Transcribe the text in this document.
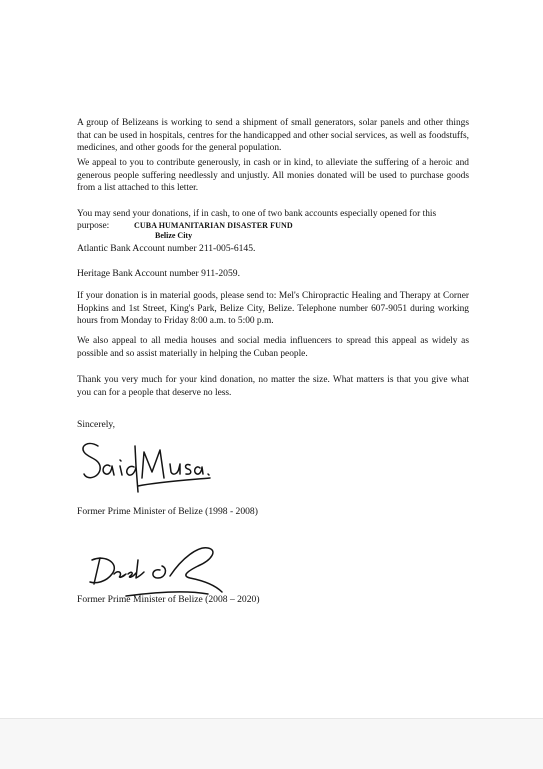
A group of Belizeans is working to send a shipment of small generators, solar panels and other things that can be used in hospitals, centres for the handicapped and other social services, as well as foodstuffs, medicines, and other goods for the general population.

We appeal to you to contribute generously, in cash or in kind, to alleviate the suffering of a heroic and generous people suffering needlessly and unjustly. All monies donated will be used to purchase goods from a list attached to this letter.

You may send your donations, if in cash, to one of two bank accounts especially opened for this

purpose:	CUBA HUMANITARIAN DISASTER FUND
Belize City
Atlantic Bank Account number 211-005-6145.
Heritage Bank Account number 911-2059.

If your donation is in material goods, please send to: Mel's Chiropractic Healing and Therapy at Corner Hopkins and 1st Street, King's Park, Belize City, Belize. Telephone number 607-9051 during working hours from Monday to Friday 8:00 a.m. to 5:00 p.m.

We also appeal to all media houses and social media influencers to spread this appeal as widely as possible and so assist materially in helping the Cuban people.

Thank you very much for your kind donation, no matter the size. What matters is that you give what you can for a people that deserve no less.

Sincerely,
Former Prime Minister of Belize (1998 - 2008)
Former Prime Minister of Belize (2008 – 2020)
